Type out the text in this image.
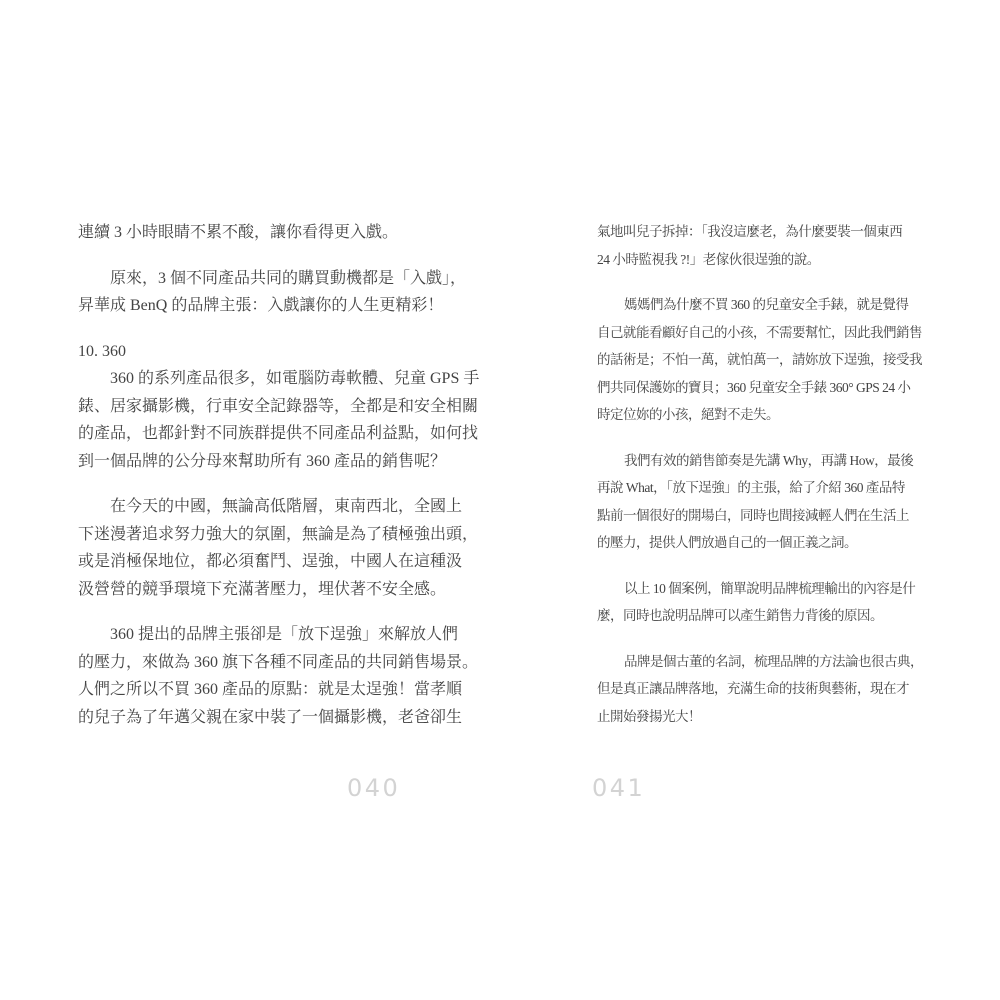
連續 3 小時眼睛不累不酸，讓你看得更入戲。
原來，3 個不同產品共同的購買動機都是「入戲」，
昇華成 BenQ 的品牌主張：入戲讓你的人生更精彩！
10. 360
360 的系列產品很多，如電腦防毒軟體、兒童 GPS 手
錶、居家攝影機，行車安全記錄器等，全都是和安全相關
的產品，也都針對不同族群提供不同產品利益點，如何找
到一個品牌的公分母來幫助所有 360 產品的銷售呢？
在今天的中國，無論高低階層，東南西北，全國上
下迷漫著追求努力強大的氛圍，無論是為了積極強出頭，
或是消極保地位，都必須奮鬥、逞強，中國人在這種汲
汲營營的競爭環境下充滿著壓力，埋伏著不安全感。
360 提出的品牌主張卻是「放下逞強」來解放人們
的壓力，來做為 360 旗下各種不同產品的共同銷售場景。
人們之所以不買 360 產品的原點：就是太逞強！當孝順
的兒子為了年邁父親在家中裝了一個攝影機，老爸卻生
氣地叫兒子拆掉：「我沒這麼老，為什麼要裝一個東西
24 小時監視我 ?!」老傢伙很逞強的說。
媽媽們為什麼不買 360 的兒童安全手錶，就是覺得
自己就能看顧好自己的小孩，不需要幫忙，因此我們銷售
的話術是；不怕一萬，就怕萬一，請妳放下逞強，接受我
們共同保護妳的寶貝；360 兒童安全手錶 360° GPS 24 小
時定位妳的小孩，絕對不走失。
我們有效的銷售節奏是先講 Why，再講 How，最後
再說 What，「放下逞強」的主張，給了介紹 360 產品特
點前一個很好的開場白，同時也間接減輕人們在生活上
的壓力，提供人們放過自己的一個正義之詞。
以上 10 個案例，簡單說明品牌梳理輸出的內容是什
麼，同時也說明品牌可以產生銷售力背後的原因。
品牌是個古董的名詞，梳理品牌的方法論也很古典，
但是真正讓品牌落地，充滿生命的技術與藝術，現在才
止開始發揚光大！
040	041
